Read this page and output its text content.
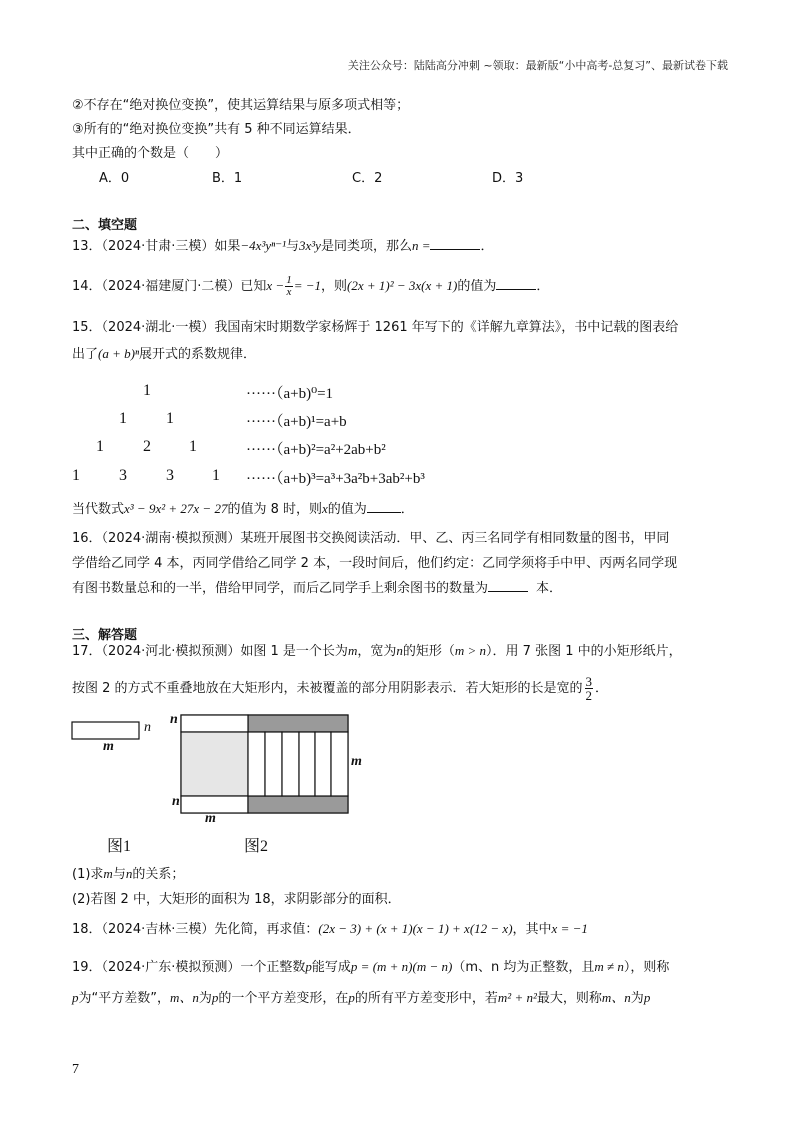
关注公众号：陆陆高分冲刺 ~领取：最新版“小中高考-总复习”、最新试卷下载
②不存在“绝对换位变换”，使其运算结果与原多项式相等；
③所有的“绝对换位变换”共有 5 种不同运算结果．
其中正确的个数是（　　）
A．0	B．1	C．2	D．3
二、填空题
13．（2024·甘肃·三模）如果−4x³yⁿ⁻¹与3x³y是同类项，那么n =	．
14．（2024·福建厦门·二模）已知$x - \frac{1}{x} = -1$，则(2x + 1)² − 3x(x + 1)的值为	．
15．（2024·湖北·一模）我国南宋时期数学家杨辉于 1261 年写下的《详解九章算法》，书中记载的图表给
出了(a + b)ⁿ展开式的系数规律．
1
1 1
1 2 1
1 3 3 1
······（a+b)⁰=1
······（a+b)¹=a+b
······（a+b)²=a²+2ab+b²
······（a+b)³=a³+3a²b+3ab²+b³
当代数式x³ − 9x² + 27x − 27的值为 8 时，则x的值为	．
16．（2024·湖南·模拟预测）某班开展图书交换阅读活动．甲、乙、丙三名同学有相同数量的图书，甲同
学借给乙同学 4 本，丙同学借给乙同学 2 本，一段时间后，他们约定：乙同学须将手中甲、丙两名同学现
有图书数量总和的一半，借给甲同学，而后乙同学手上剩余图书的数量为	本．
三、解答题
17．（2024·河北·模拟预测）如图 1 是一个长为m，宽为n的矩形（m > n）．用 7 张图 1 中的小矩形纸片，
按图 2 的方式不重叠地放在大矩形内，未被覆盖的部分用阴影表示．若大矩形的长是宽的 $\frac{3}{2}$ ．
n
m
n
n
m
m
图1	图2
(1)求m与n的关系；
(2)若图 2 中，大矩形的面积为 18，求阴影部分的面积．
18．（2024·吉林·三模）先化简，再求值：(2x − 3) + (x + 1)(x − 1) + x(12 − x)，其中x = −1
19．（2024·广东·模拟预测）一个正整数p能写成p = (m + n)(m − n)（m、n 均为正整数，且m ≠ n），则称
p为“平方差数”，m、n为p的一个平方差变形，在p的所有平方差变形中，若m² + n²最大，则称m、n为p
7
